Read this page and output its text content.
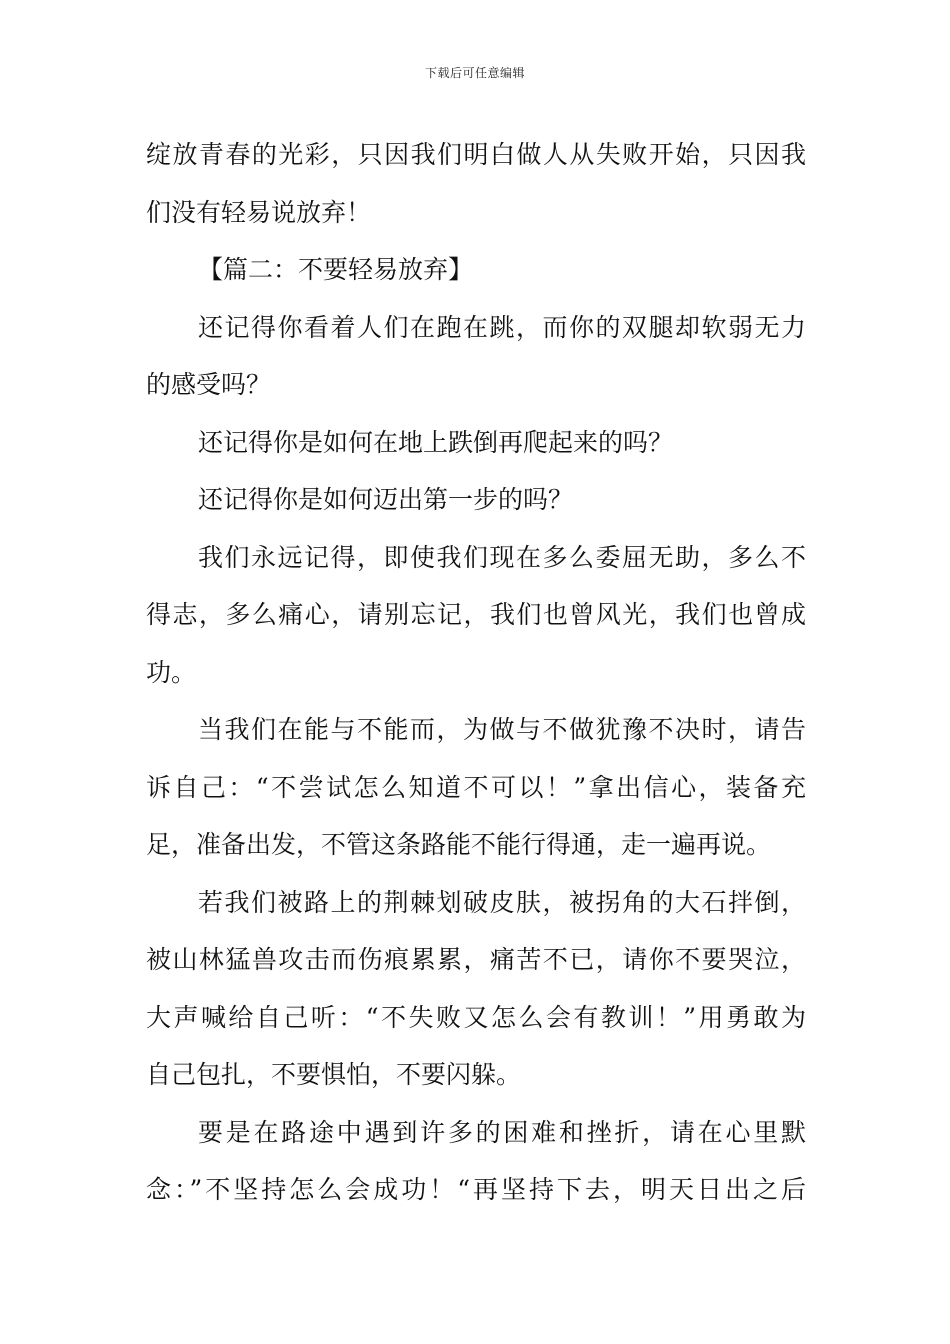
下载后可任意编辑
绽放青春的光彩，只因我们明白做人从失败开始，只因我
们没有轻易说放弃！
【篇二：不要轻易放弃】
还记得你看着人们在跑在跳，而你的双腿却软弱无力
的感受吗？
还记得你是如何在地上跌倒再爬起来的吗？
还记得你是如何迈出第一步的吗？
我们永远记得，即使我们现在多么委屈无助，多么不
得志，多么痛心，请别忘记，我们也曾风光，我们也曾成
功。
当我们在能与不能而，为做与不做犹豫不决时，请告
诉自己：“不尝试怎么知道不可以！”拿出信心，装备充
足，准备出发，不管这条路能不能行得通，走一遍再说。
若我们被路上的荆棘划破皮肤，被拐角的大石拌倒，
被山林猛兽攻击而伤痕累累，痛苦不已，请你不要哭泣，
大声喊给自己听：“不失败又怎么会有教训！”用勇敢为
自己包扎，不要惧怕，不要闪躲。
要是在路途中遇到许多的困难和挫折，请在心里默
念：”不坚持怎么会成功！“再坚持下去，明天日出之后
